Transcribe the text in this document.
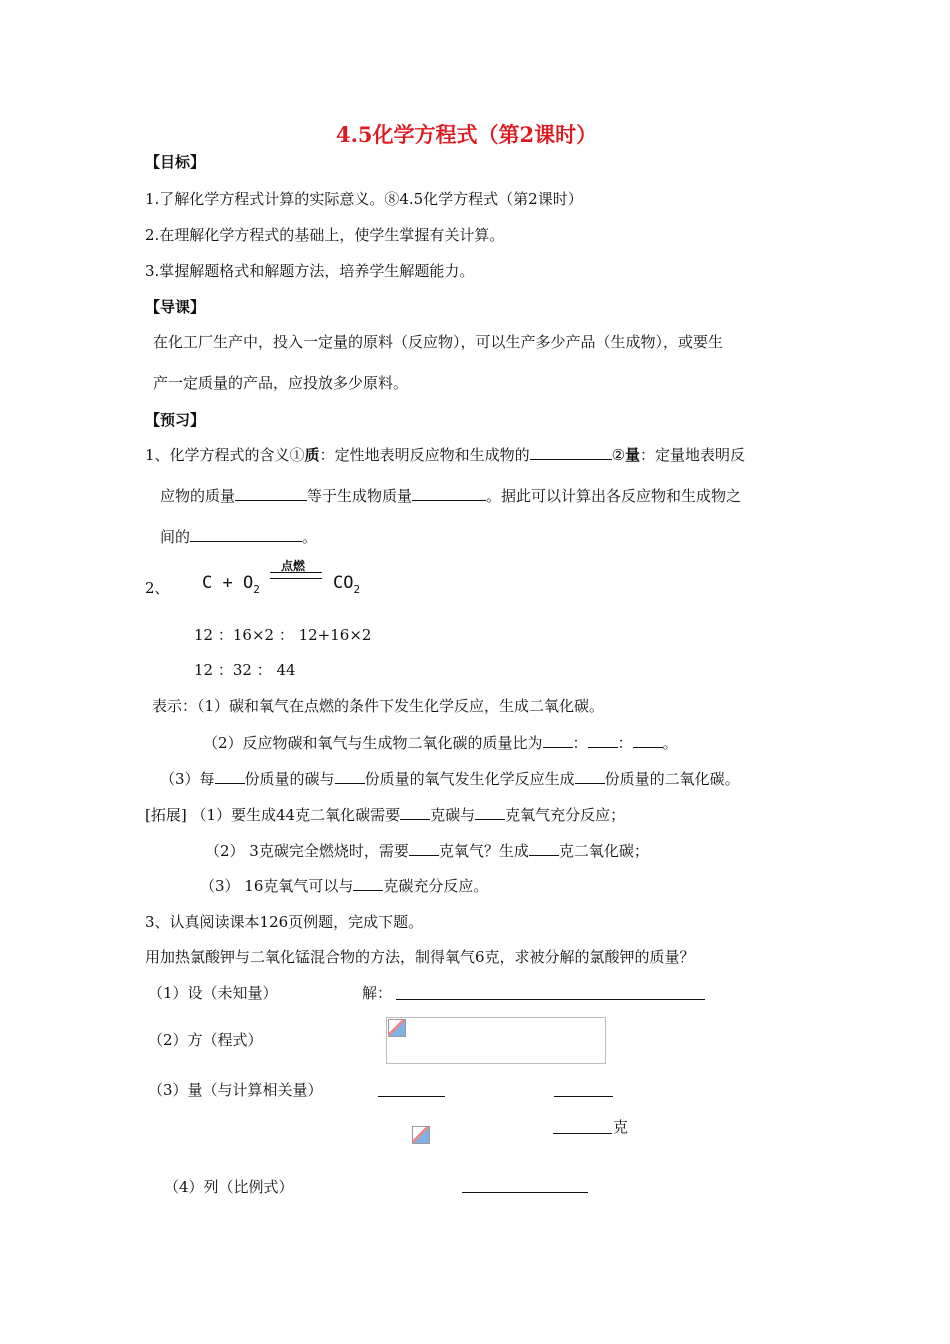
4.5化学方程式（第2课时）
【目标】
1.了解化学方程式计算的实际意义。⑧4.5化学方程式（第2课时）
2.在理解化学方程式的基础上，使学生掌握有关计算。
3.掌握解题格式和解题方法，培养学生解题能力。
【导课】
在化工厂生产中，投入一定量的原料（反应物），可以生产多少产品（生成物），或要生
产一定质量的产品，应投放多少原料。
【预习】
1、化学方程式的含义①质：定性地表明反应物和生成物的	②量：定量地表明反
应物的质量	等于生成物质量	。据此可以计算出各反应物和生成物之
间的	。
2、 $C + O_2$
点燃
$CO_2$
12 ：16×2 ： 12+16×2
12 ：32 ： 44
表示：（1）碳和氧气在点燃的条件下发生化学反应，生成二氧化碳。
（2）反应物碳和氧气与生成物二氧化碳的质量比为 ： ： 。
（3）每 份质量的碳与 份质量的氧气发生化学反应生成 份质量的二氧化碳。
[拓展] （1）要生成44克二氧化碳需要 克碳与 克氧气充分反应；
（2） 3克碳完全燃烧时，需要 克氧气？生成 克二氧化碳；
（3） 16克氧气可以与 克碳充分反应。
3、认真阅读课本126页例题，完成下题。
用加热氯酸钾与二氧化锰混合物的方法，制得氧气6克，求被分解的氯酸钾的质量？
（1）设（未知量）	解：
（2）方（程式）
（3）量（与计算相关量）
克
（4）列（比例式）
